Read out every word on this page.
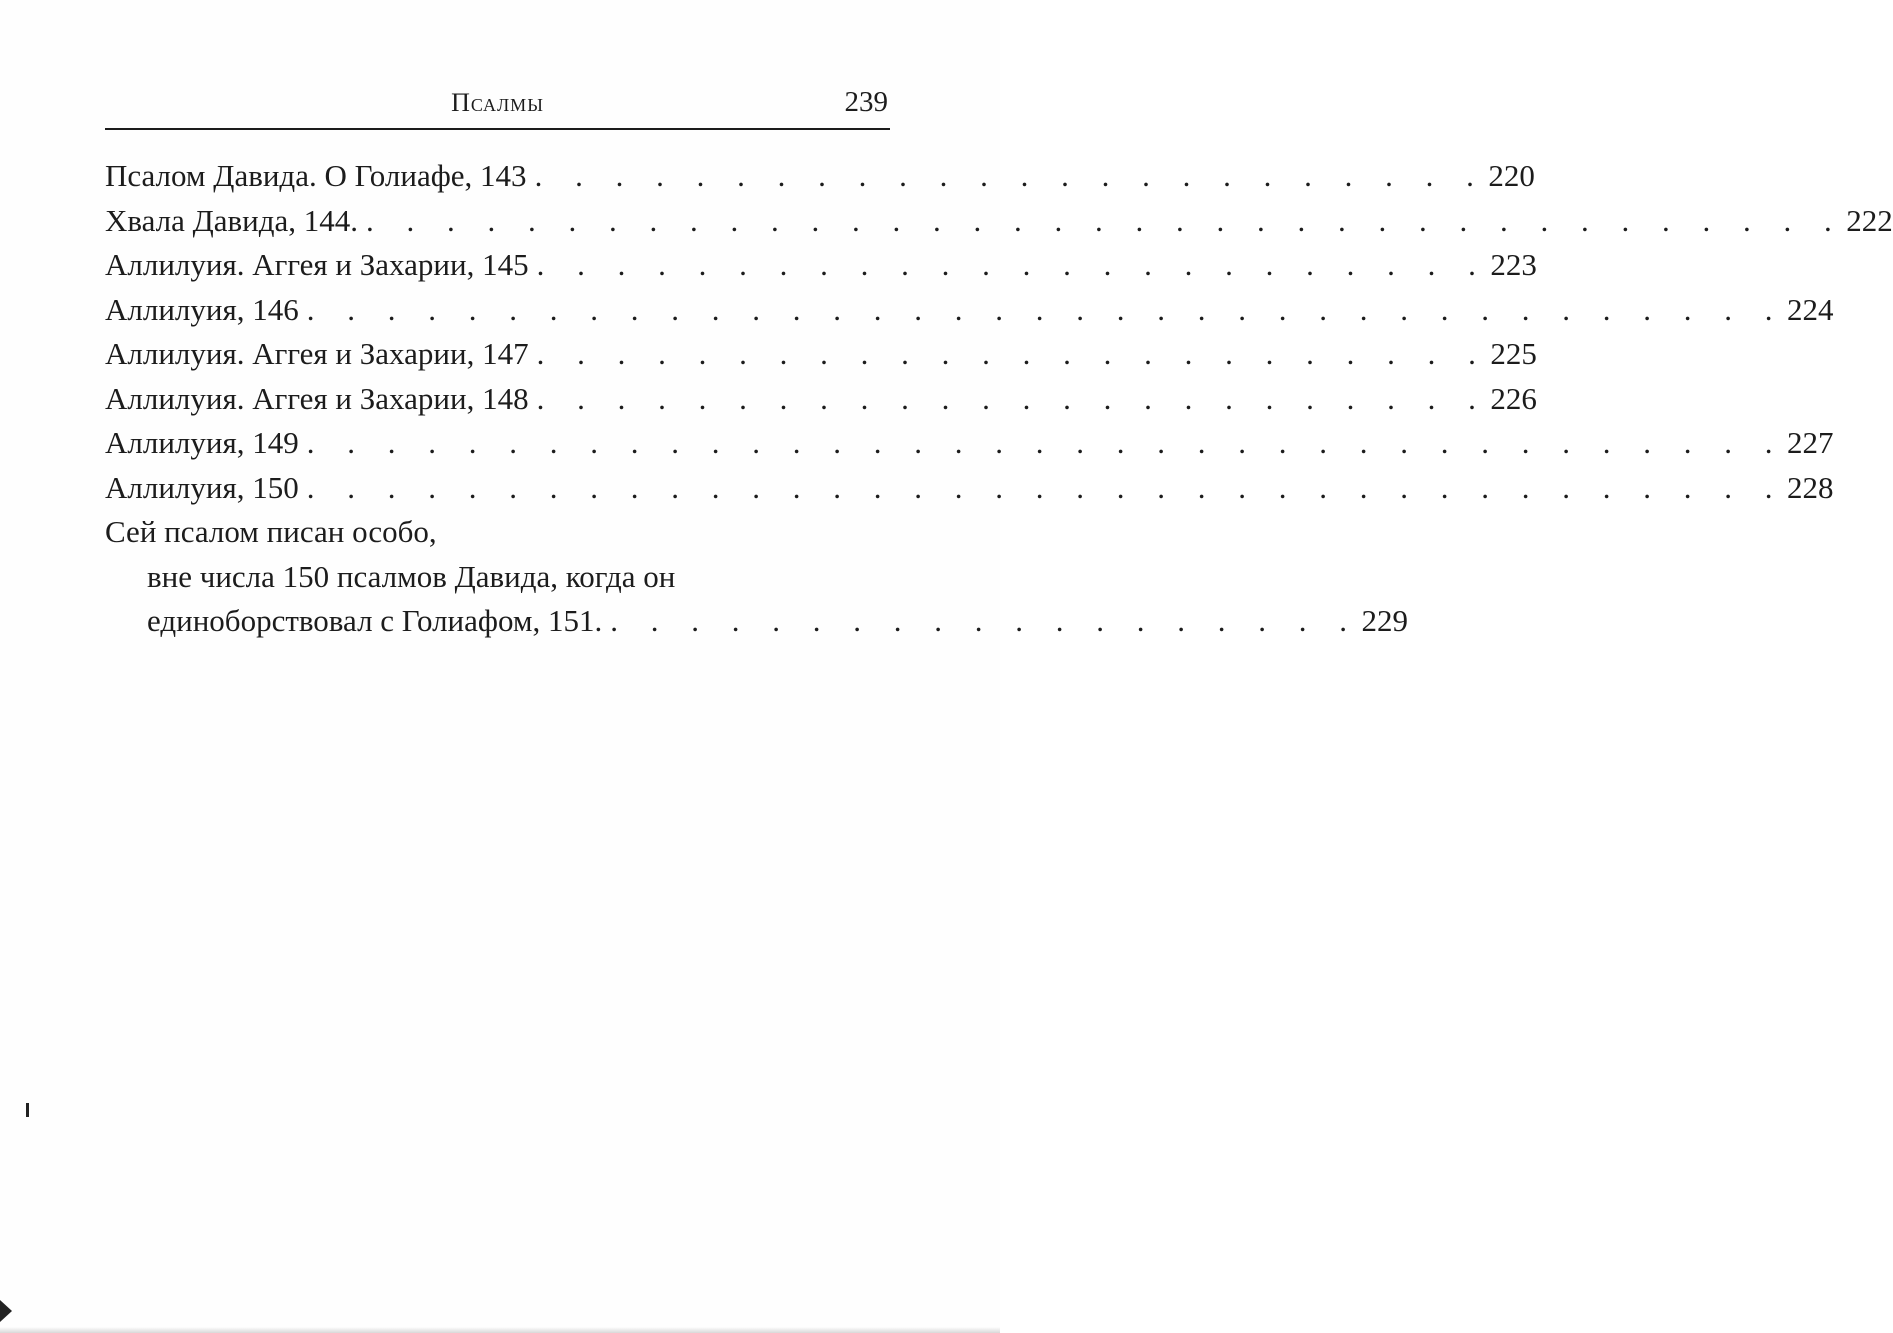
Псалмы	239
Псалом Давида. О Голиафе, 143 . . . . . . . . . . . . . . . . . . . . . . . . 220
Хвала Давида, 144. . . . . . . . . . . . . . . . . . . . . . . . . . . . . . . . . . . . . . 222
Аллилуия. Аггея и Захарии, 145 . . . . . . . . . . . . . . . . . . . . . . . . 223
Аллилуия, 146 . . . . . . . . . . . . . . . . . . . . . . . . . . . . . . . . . . . . . 224
Аллилуия. Аггея и Захарии, 147 . . . . . . . . . . . . . . . . . . . . . . . . 225
Аллилуия. Аггея и Захарии, 148 . . . . . . . . . . . . . . . . . . . . . . . . 226
Аллилуия, 149 . . . . . . . . . . . . . . . . . . . . . . . . . . . . . . . . . . . . . 227
Аллилуия, 150 . . . . . . . . . . . . . . . . . . . . . . . . . . . . . . . . . . . . . 228
Сей псалом писан особо,
вне числа 150 псалмов Давида, когда он
единоборствовал с Голиафом, 151. . . . . . . . . . . . . . . . . . . . 229
